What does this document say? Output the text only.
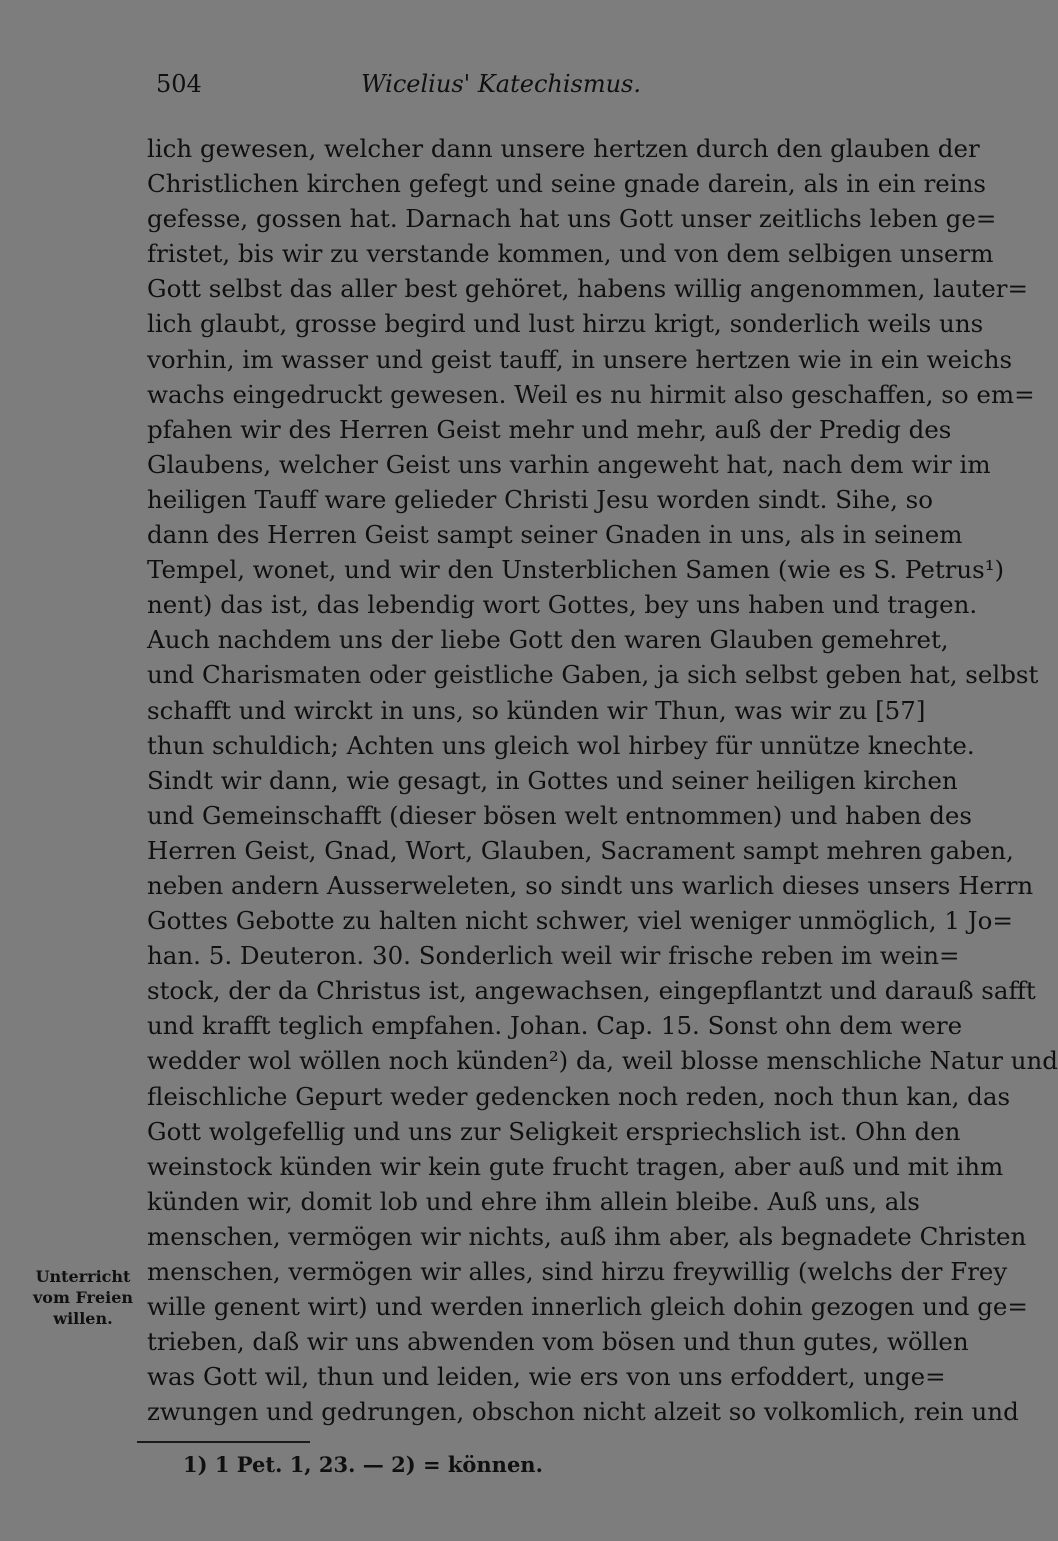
504	Wicelius' Katechismus.
lich gewesen, welcher dann unsere hertzen durch den glauben der
Christlichen kirchen gefegt und seine gnade darein, als in ein reins
gefesse, gossen hat. Darnach hat uns Gott unser zeitlichs leben ge=
fristet, bis wir zu verstande kommen, und von dem selbigen unserm
Gott selbst das aller best gehöret, habens willig angenommen, lauter=
lich glaubt, grosse begird und lust hirzu krigt, sonderlich weils uns
vorhin, im wasser und geist tauff, in unsere hertzen wie in ein weichs
wachs eingedruckt gewesen. Weil es nu hirmit also geschaffen, so em=
pfahen wir des Herren Geist mehr und mehr, auß der Predig des
Glaubens, welcher Geist uns varhin angeweht hat, nach dem wir im
heiligen Tauff ware gelieder Christi Jesu worden sindt. Sihe, so
dann des Herren Geist sampt seiner Gnaden in uns, als in seinem
Tempel, wonet, und wir den Unsterblichen Samen (wie es S. Petrus¹)
nent) das ist, das lebendig wort Gottes, bey uns haben und tragen.
Auch nachdem uns der liebe Gott den waren Glauben gemehret,
und Charismaten oder geistliche Gaben, ja sich selbst geben hat, selbst
schafft und wirckt in uns, so künden wir Thun, was wir zu [57]
thun schuldich; Achten uns gleich wol hirbey für unnütze knechte.
Sindt wir dann, wie gesagt, in Gottes und seiner heiligen kirchen
und Gemeinschafft (dieser bösen welt entnommen) und haben des
Herren Geist, Gnad, Wort, Glauben, Sacrament sampt mehren gaben,
neben andern Ausserweleten, so sindt uns warlich dieses unsers Herrn
Gottes Gebotte zu halten nicht schwer, viel weniger unmöglich, 1 Jo=
han. 5. Deuteron. 30. Sonderlich weil wir frische reben im wein=
stock, der da Christus ist, angewachsen, eingepflantzt und darauß safft
und krafft teglich empfahen. Johan. Cap. 15. Sonst ohn dem were
wedder wol wöllen noch künden²) da, weil blosse menschliche Natur und
fleischliche Gepurt weder gedencken noch reden, noch thun kan, das
Gott wolgefellig und uns zur Seligkeit erspriechslich ist. Ohn den
weinstock künden wir kein gute frucht tragen, aber auß und mit ihm
künden wir, domit lob und ehre ihm allein bleibe. Auß uns, als
menschen, vermögen wir nichts, auß ihm aber, als begnadete Christen
menschen, vermögen wir alles, sind hirzu freywillig (welchs der Frey
wille genent wirt) und werden innerlich gleich dohin gezogen und ge=
trieben, daß wir uns abwenden vom bösen und thun gutes, wöllen
was Gott wil, thun und leiden, wie ers von uns erfoddert, unge=
zwungen und gedrungen, obschon nicht alzeit so volkomlich, rein und
Unterricht
vom Freien
willen.
1) 1 Pet. 1, 23. — 2) = können.
